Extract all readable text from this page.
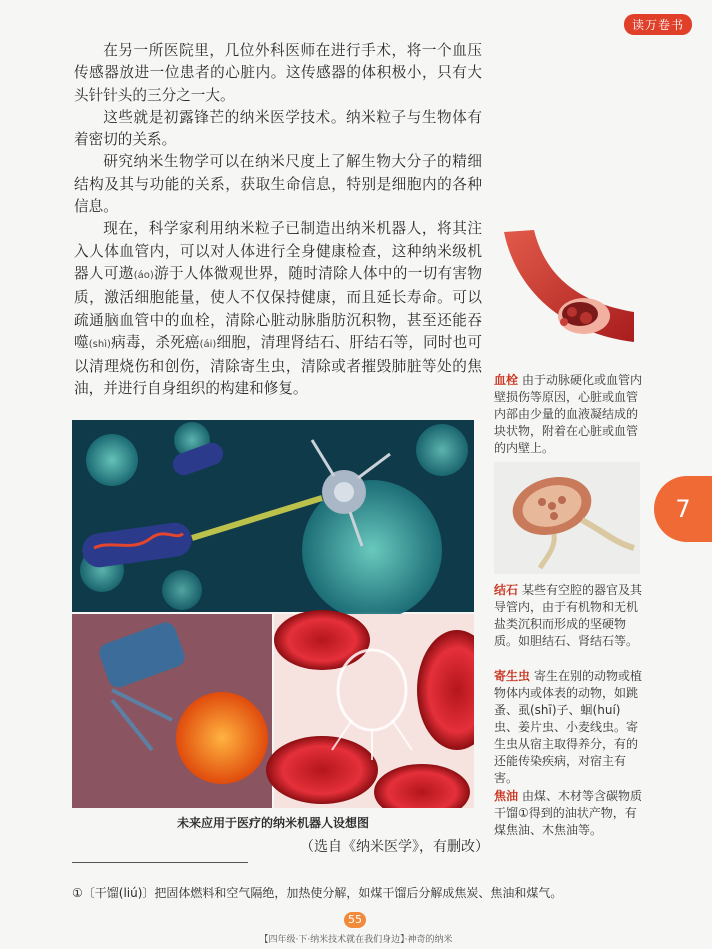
读万卷书

在另一所医院里，几位外科医师在进行手术，将一个血压传感器放进一位患者的心脏内。这传感器的体积极小，只有大头针针头的三分之一大。

这些就是初露锋芒的纳米医学技术。纳米粒子与生物体有着密切的关系。

研究纳米生物学可以在纳米尺度上了解生物大分子的精细结构及其与功能的关系，获取生命信息，特别是细胞内的各种信息。

现在，科学家利用纳米粒子已制造出纳米机器人，将其注入人体血管内，可以对人体进行全身健康检查，这种纳米级机器人可遨(áo)游于人体微观世界，随时清除人体中的一切有害物质，激活细胞能量，使人不仅保持健康，而且延长寿命。可以疏通脑血管中的血栓，清除心脏动脉脂肪沉积物，甚至还能吞噬(shì)病毒，杀死癌(ái)细胞，清理肾结石、肝结石等，同时也可以清理烧伤和创伤，清除寄生虫，清除或者摧毁肺脏等处的焦油，并进行自身组织的构建和修复。

血栓 由于动脉硬化或血管内壁损伤等原因，心脏或血管内部由少量的血液凝结成的块状物，附着在心脏或血管的内壁上。
7
结石 某些有空腔的器官及其导管内，由于有机物和无机盐类沉积而形成的坚硬物质。如胆结石、肾结石等。
寄生虫 寄生在别的动物或植物体内或体表的动物，如跳蚤、虱(shī)子、蛔(huí)虫、姜片虫、小麦线虫。寄生虫从宿主取得养分，有的还能传染疾病，对宿主有害。
焦油 由煤、木材等含碳物质干馏①得到的油状产物，有煤焦油、木焦油等。
未来应用于医疗的纳米机器人设想图
（选自《纳米医学》，有删改）
①〔干馏(liú)〕把固体燃料和空气隔绝，加热使分解，如煤干馏后分解成焦炭、焦油和煤气。
55
【四年级·下·纳米技术就在我们身边】·神奇的纳米
